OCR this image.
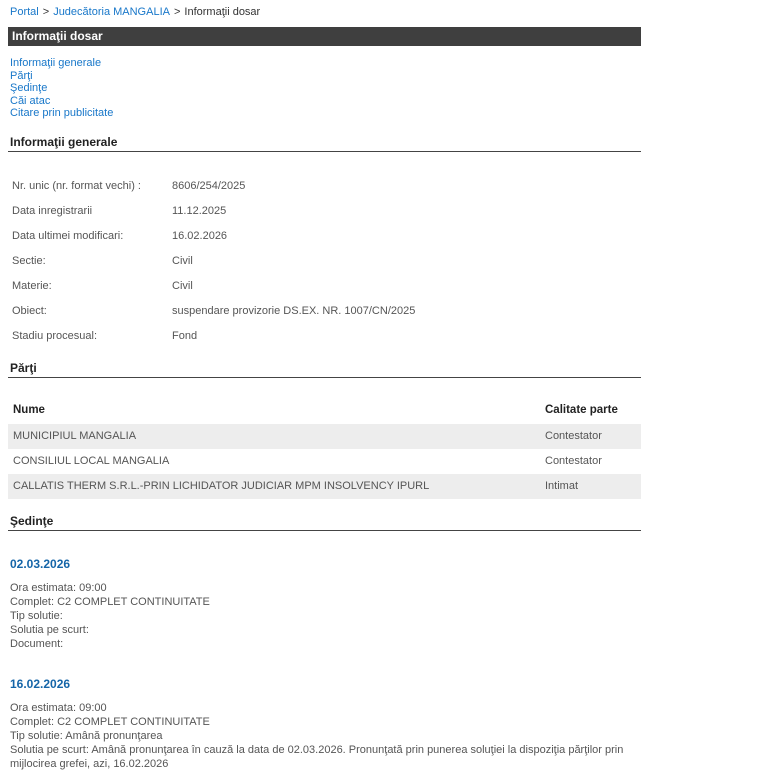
Portal > Judecătoria MANGALIA > Informaţii dosar
Informaţii dosar
Informaţii generale
Părţi
Şedinţe
Căi atac
Citare prin publicitate
Informaţii generale
Nr. unic (nr. format vechi) :	8606/254/2025
Data inregistrarii	11.12.2025
Data ultimei modificari:	16.02.2026
Sectie:	Civil
Materie:	Civil
Obiect:	suspendare provizorie DS.EX. NR. 1007/CN/2025
Stadiu procesual:	Fond
Părţi
Nume	Calitate parte
MUNICIPIUL MANGALIA	Contestator
CONSILIUL LOCAL MANGALIA	Contestator
CALLATIS THERM S.R.L.-PRIN LICHIDATOR JUDICIAR MPM INSOLVENCY IPURL	Intimat
Şedinţe
02.03.2026
Ora estimata: 09:00
Complet: C2 COMPLET CONTINUITATE
Tip solutie:
Solutia pe scurt:
Document:
16.02.2026
Ora estimata: 09:00
Complet: C2 COMPLET CONTINUITATE
Tip solutie: Amână pronunţarea
Solutia pe scurt: Amână pronunţarea în cauză la data de 02.03.2026. Pronunţată prin punerea soluţiei la dispoziţia părţilor prin mijlocirea grefei, azi, 16.02.2026
